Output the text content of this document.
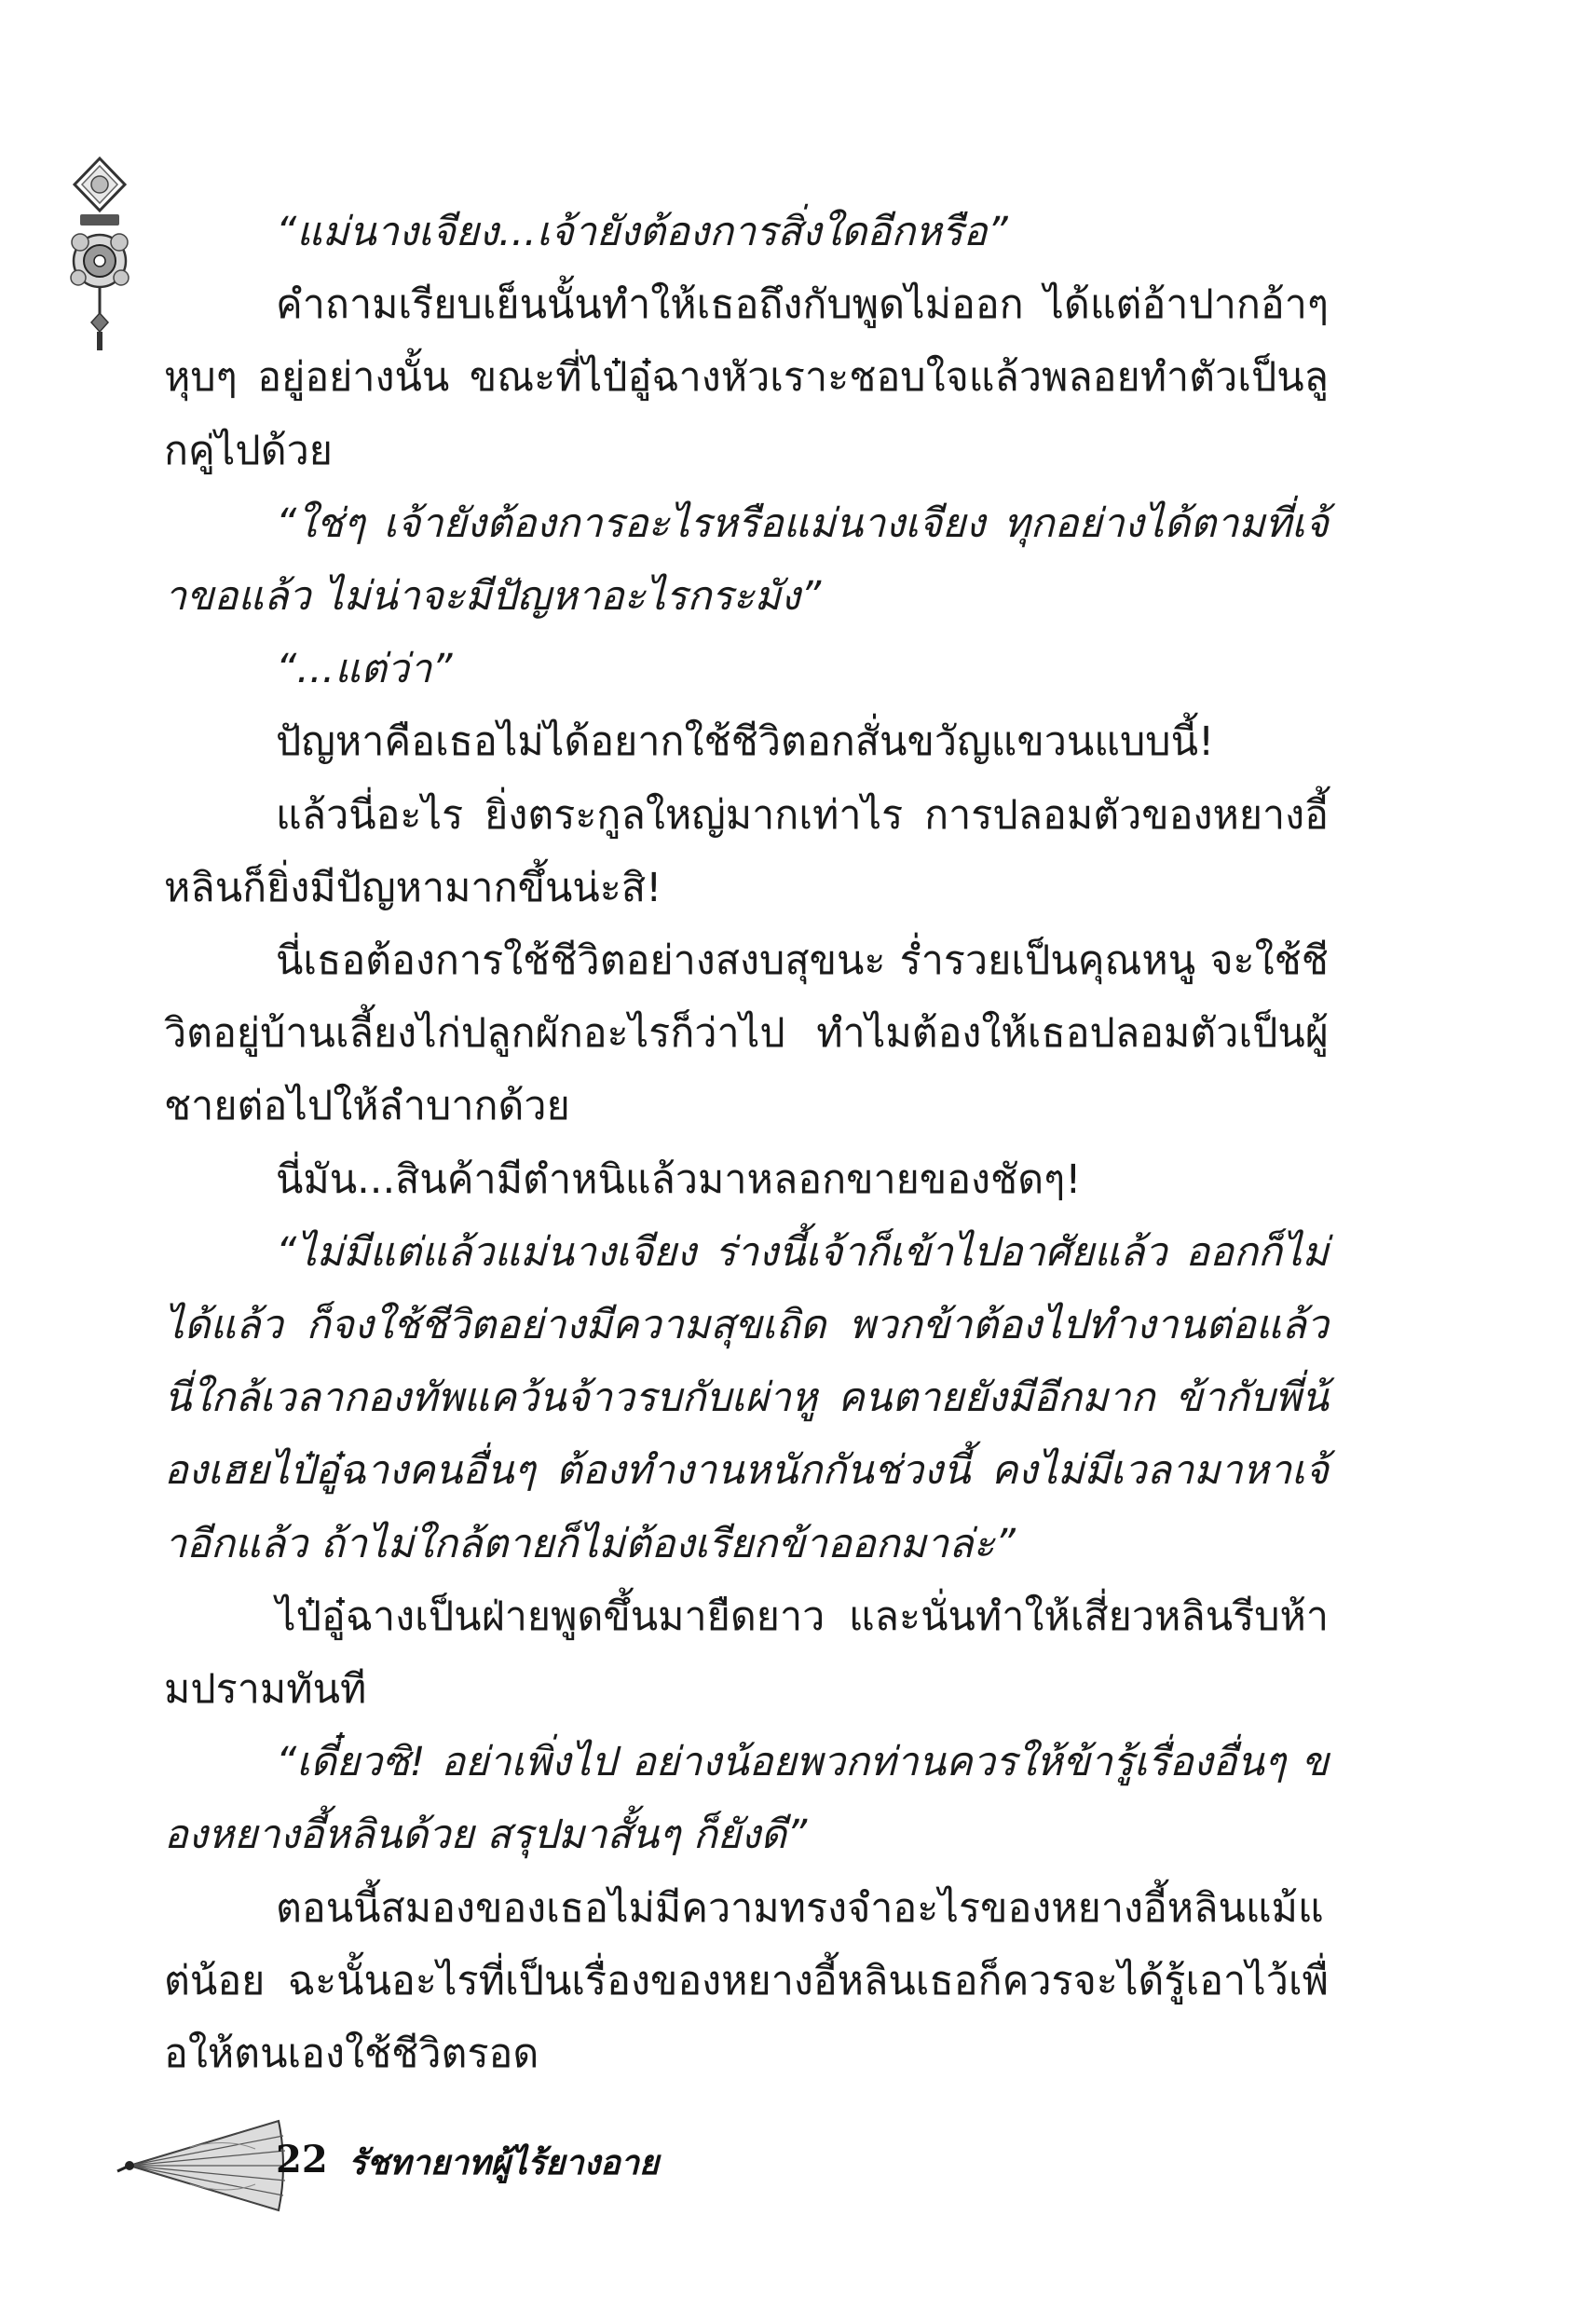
“แม่นางเจียง...เจ้ายังต้องการสิ่งใดอีกหรือ”

คำถามเรียบเย็นนั้นทำให้เธอถึงกับพูดไม่ออก ได้แต่อ้าปากอ้าๆ หุบๆ อยู่อย่างนั้น ขณะที่ไป๋อู๋ฉางหัวเราะชอบใจแล้วพลอยทำตัวเป็นลูกคู่ไปด้วย

“ใช่ๆ เจ้ายังต้องการอะไรหรือแม่นางเจียง ทุกอย่างได้ตามที่เจ้าขอแล้ว ไม่น่าจะมีปัญหาอะไรกระมัง”

“...แต่ว่า”

ปัญหาคือเธอไม่ได้อยากใช้ชีวิตอกสั่นขวัญแขวนแบบนี้!

แล้วนี่อะไร ยิ่งตระกูลใหญ่มากเท่าไร การปลอมตัวของหยางอี้หลินก็ยิ่งมีปัญหามากขึ้นน่ะสิ!

นี่เธอต้องการใช้ชีวิตอย่างสงบสุขนะ ร่ำรวยเป็นคุณหนู จะใช้ชีวิตอยู่บ้านเลี้ยงไก่ปลูกผักอะไรก็ว่าไป ทำไมต้องให้เธอปลอมตัวเป็นผู้ชายต่อไปให้ลำบากด้วย

นี่มัน...สินค้ามีตำหนิแล้วมาหลอกขายของชัดๆ!

“ไม่มีแต่แล้วแม่นางเจียง ร่างนี้เจ้าก็เข้าไปอาศัยแล้ว ออกก็ไม่ได้แล้ว ก็จงใช้ชีวิตอย่างมีความสุขเถิด พวกข้าต้องไปทำงานต่อแล้ว นี่ใกล้เวลากองทัพแคว้นจ้าวรบกับเผ่าหู คนตายยังมีอีกมาก ข้ากับพี่น้องเฮยไป๋อู๋ฉางคนอื่นๆ ต้องทำงานหนักกันช่วงนี้ คงไม่มีเวลามาหาเจ้าอีกแล้ว ถ้าไม่ใกล้ตายก็ไม่ต้องเรียกข้าออกมาล่ะ”

ไป๋อู๋ฉางเป็นฝ่ายพูดขึ้นมายืดยาว และนั่นทำให้เสี่ยวหลินรีบห้ามปรามทันที

“เดี๋ยวซิ! อย่าเพิ่งไป อย่างน้อยพวกท่านควรให้ข้ารู้เรื่องอื่นๆ ของหยางอี้หลินด้วย สรุปมาสั้นๆ ก็ยังดี”

ตอนนี้สมองของเธอไม่มีความทรงจำอะไรของหยางอี้หลินแม้แต่น้อย ฉะนั้นอะไรที่เป็นเรื่องของหยางอี้หลินเธอก็ควรจะได้รู้เอาไว้เพื่อให้ตนเองใช้ชีวิตรอด

22 รัชทายาทผู้ไร้ยางอาย
